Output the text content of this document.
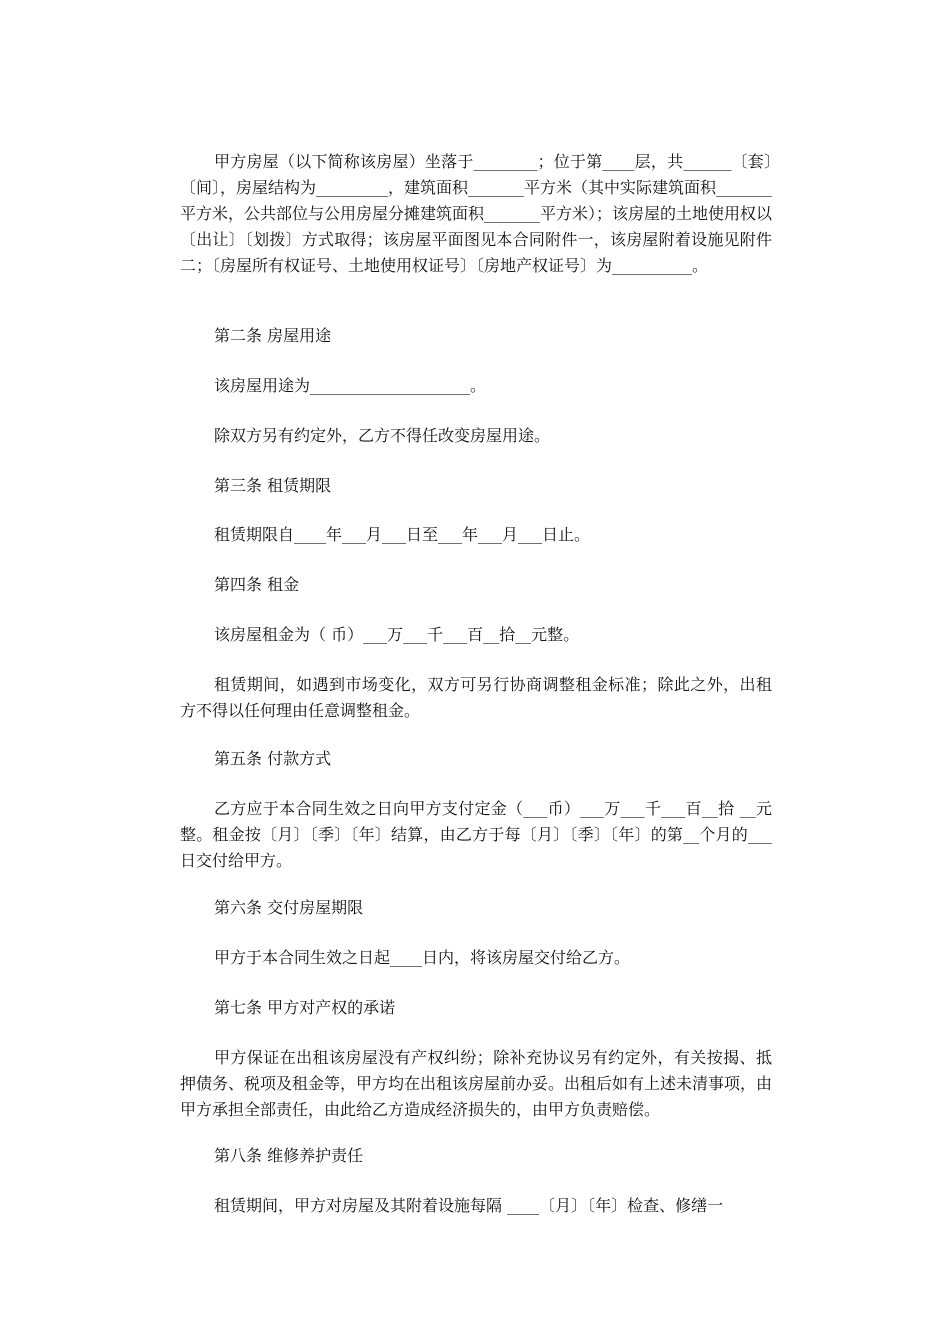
甲方房屋（以下简称该房屋）坐落于________；位于第____层，共______〔套〕〔间〕，房屋结构为_________，建筑面积_______平方米（其中实际建筑面积_______平方米，公共部位与公用房屋分摊建筑面积_______平方米）；该房屋的土地使用权以〔出让〕〔划拨〕方式取得；该房屋平面图见本合同附件一，该房屋附着设施见附件二；〔房屋所有权证号、土地使用权证号〕〔房地产权证号〕为__________。

第二条 房屋用途

该房屋用途为____________________。

除双方另有约定外，乙方不得任改变房屋用途。

第三条 租赁期限

租赁期限自____年___月___日至___年___月___日止。

第四条 租金

该房屋租金为（ 币）___万___千___百__拾__元整。

租赁期间，如遇到市场变化，双方可另行协商调整租金标准；除此之外，出租方不得以任何理由任意调整租金。

第五条 付款方式

乙方应于本合同生效之日向甲方支付定金（___币）___万___千___百__拾 __元整。租金按〔月〕〔季〕〔年〕结算，由乙方于每〔月〕〔季〕〔年〕的第__个月的___日交付给甲方。

第六条 交付房屋期限

甲方于本合同生效之日起____日内，将该房屋交付给乙方。

第七条 甲方对产权的承诺

甲方保证在出租该房屋没有产权纠纷；除补充协议另有约定外，有关按揭、抵押债务、税项及租金等，甲方均在出租该房屋前办妥。出租后如有上述未清事项，由甲方承担全部责任，由此给乙方造成经济损失的，由甲方负责赔偿。

第八条 维修养护责任

租赁期间，甲方对房屋及其附着设施每隔 ____〔月〕〔年〕检查、修缮一
